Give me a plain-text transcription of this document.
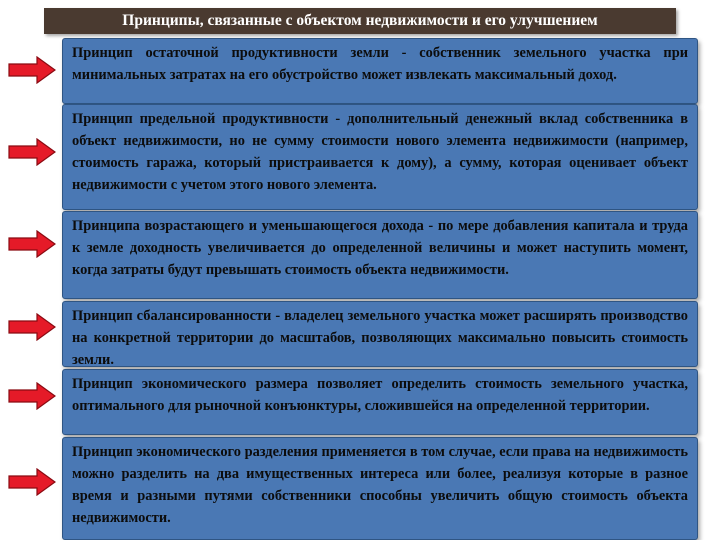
Принципы, связанные с объектом недвижимости и его улучшением
Принцип остаточной продуктивности земли - собственник земельного участка при минимальных затратах на его обустройство может извлекать максимальный доход.
Принцип предельной продуктивности - дополнительный денежный вклад собственника в объект недвижимости, но не сумму стоимости нового элемента недвижимости (например, стоимость гаража, который пристраивается к дому), а сумму, которая оценивает объект недвижимости с учетом этого нового элемента.
Принципа возрастающего и уменьшающегося дохода - по мере добавления капитала и труда к земле доходность увеличивается до определенной величины и может наступить момент, когда затраты будут превышать стоимость объекта недвижимости.
Принцип сбалансированности - владелец земельного участка может расширять производство на конкретной территории до масштабов, позволяющих максимально повысить стоимость земли.
Принцип экономического размера позволяет определить стоимость земельного участка, оптимального для рыночной конъюнктуры, сложившейся на определенной территории.
Принцип экономического разделения применяется в том случае, если права на недвижимость можно разделить на два имущественных интереса или более, реализуя которые в разное время и разными путями собственники способны увеличить общую стоимость объекта недвижимости.
